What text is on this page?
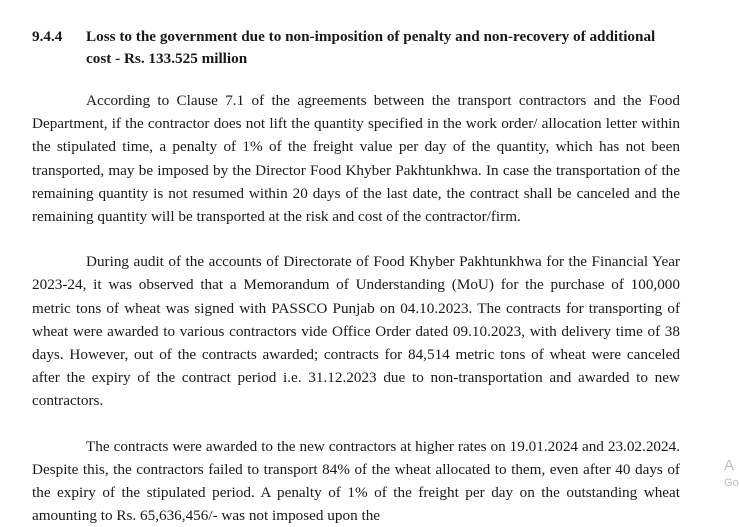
9.4.4	Loss to the government due to non-imposition of penalty and non-recovery of additional cost - Rs. 133.525 million

According to Clause 7.1 of the agreements between the transport contractors and the Food Department, if the contractor does not lift the quantity specified in the work order/ allocation letter within the stipulated time, a penalty of 1% of the freight value per day of the quantity, which has not been transported, may be imposed by the Director Food Khyber Pakhtunkhwa. In case the transportation of the remaining quantity is not resumed within 20 days of the last date, the contract shall be canceled and the remaining quantity will be transported at the risk and cost of the contractor/firm.

During audit of the accounts of Directorate of Food Khyber Pakhtunkhwa for the Financial Year 2023-24, it was observed that a Memorandum of Understanding (MoU) for the purchase of 100,000 metric tons of wheat was signed with PASSCO Punjab on 04.10.2023. The contracts for transporting of wheat were awarded to various contractors vide Office Order dated 09.10.2023, with delivery time of 38 days. However, out of the contracts awarded; contracts for 84,514 metric tons of wheat were canceled after the expiry of the contract period i.e. 31.12.2023 due to non-transportation and awarded to new contractors.

The contracts were awarded to the new contractors at higher rates on 19.01.2024 and 23.02.2024. Despite this, the contractors failed to transport 84% of the wheat allocated to them, even after 40 days of the expiry of the stipulated period. A penalty of 1% of the freight per day on the outstanding wheat amounting to Rs. 65,636,456/- was not imposed upon the

A
Go
